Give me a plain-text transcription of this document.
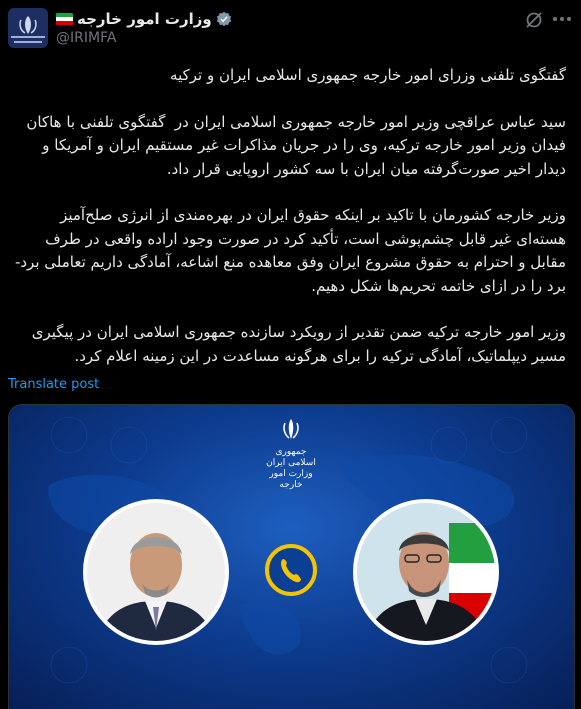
وزارت امور خارجه
@IRIMFA

گفتگوی تلفنی وزرای امور خارجه جمهوری اسلامی ایران و ترکیه

سید عباس عراقچی وزیر امور خارجه جمهوری اسلامی ایران در  گفتگوی تلفنی با هاکان فیدان وزیر امور خارجه ترکیه، وی را در جریان مذاکرات غیر مستقیم ایران و آمریکا و دیدار اخیر صورت‌گرفته میان ایران با سه کشور اروپایی قرار داد.

وزیر خارجه کشورمان با تاکید بر اینکه حقوق ایران در بهره‌مندی از انرژی صلح‌آمیز هسته‌ای غیر قابل چشم‌پوشی است، تأکید کرد در صورت وجود اراده واقعی در طرف مقابل و احترام به حقوق مشروع ایران وفق معاهده منع اشاعه، آمادگی داریم تعاملی برد-برد را در ازای خاتمه تحریم‌ها شکل دهیم.

وزیر امور خارجه ترکیه ضمن تقدیر از رویکرد سازنده جمهوری اسلامی ایران در پیگیری مسیر دیپلماتیک، آمادگی ترکیه را برای هرگونه مساعدت در این زمینه اعلام کرد.

Translate post
جمهوری اسلامی ایران
وزارت امور خارجه
